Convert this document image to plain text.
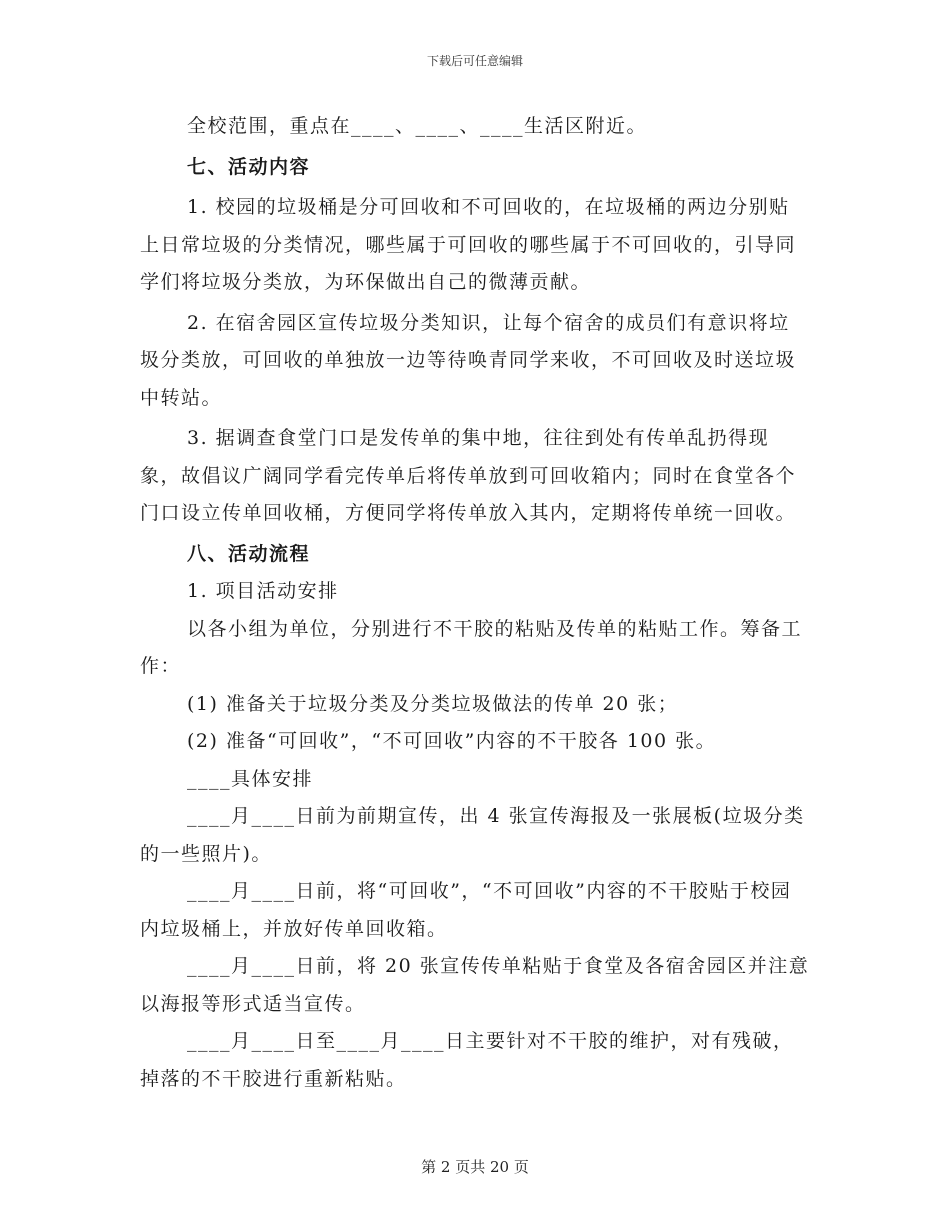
下载后可任意编辑

全校范围，重点在____、____、____生活区附近。

七、活动内容

1. 校园的垃圾桶是分可回收和不可回收的，在垃圾桶的两边分别贴上日常垃圾的分类情况，哪些属于可回收的哪些属于不可回收的，引导同学们将垃圾分类放，为环保做出自己的微薄贡献。

2. 在宿舍园区宣传垃圾分类知识，让每个宿舍的成员们有意识将垃圾分类放，可回收的单独放一边等待唤青同学来收，不可回收及时送垃圾中转站。

3. 据调查食堂门口是发传单的集中地，往往到处有传单乱扔得现象，故倡议广阔同学看完传单后将传单放到可回收箱内；同时在食堂各个门口设立传单回收桶，方便同学将传单放入其内，定期将传单统一回收。

八、活动流程

1. 项目活动安排

以各小组为单位，分别进行不干胶的粘贴及传单的粘贴工作。筹备工作：

(1) 准备关于垃圾分类及分类垃圾做法的传单 20 张；

(2) 准备“可回收”，“不可回收”内容的不干胶各 100 张。

____具体安排

____月____日前为前期宣传，出 4 张宣传海报及一张展板(垃圾分类的一些照片)。

____月____日前，将“可回收”，“不可回收”内容的不干胶贴于校园内垃圾桶上，并放好传单回收箱。

____月____日前，将 20 张宣传传单粘贴于食堂及各宿舍园区并注意以海报等形式适当宣传。

____月____日至____月____日主要针对不干胶的维护，对有残破，掉落的不干胶进行重新粘贴。

第 2 页共 20 页
